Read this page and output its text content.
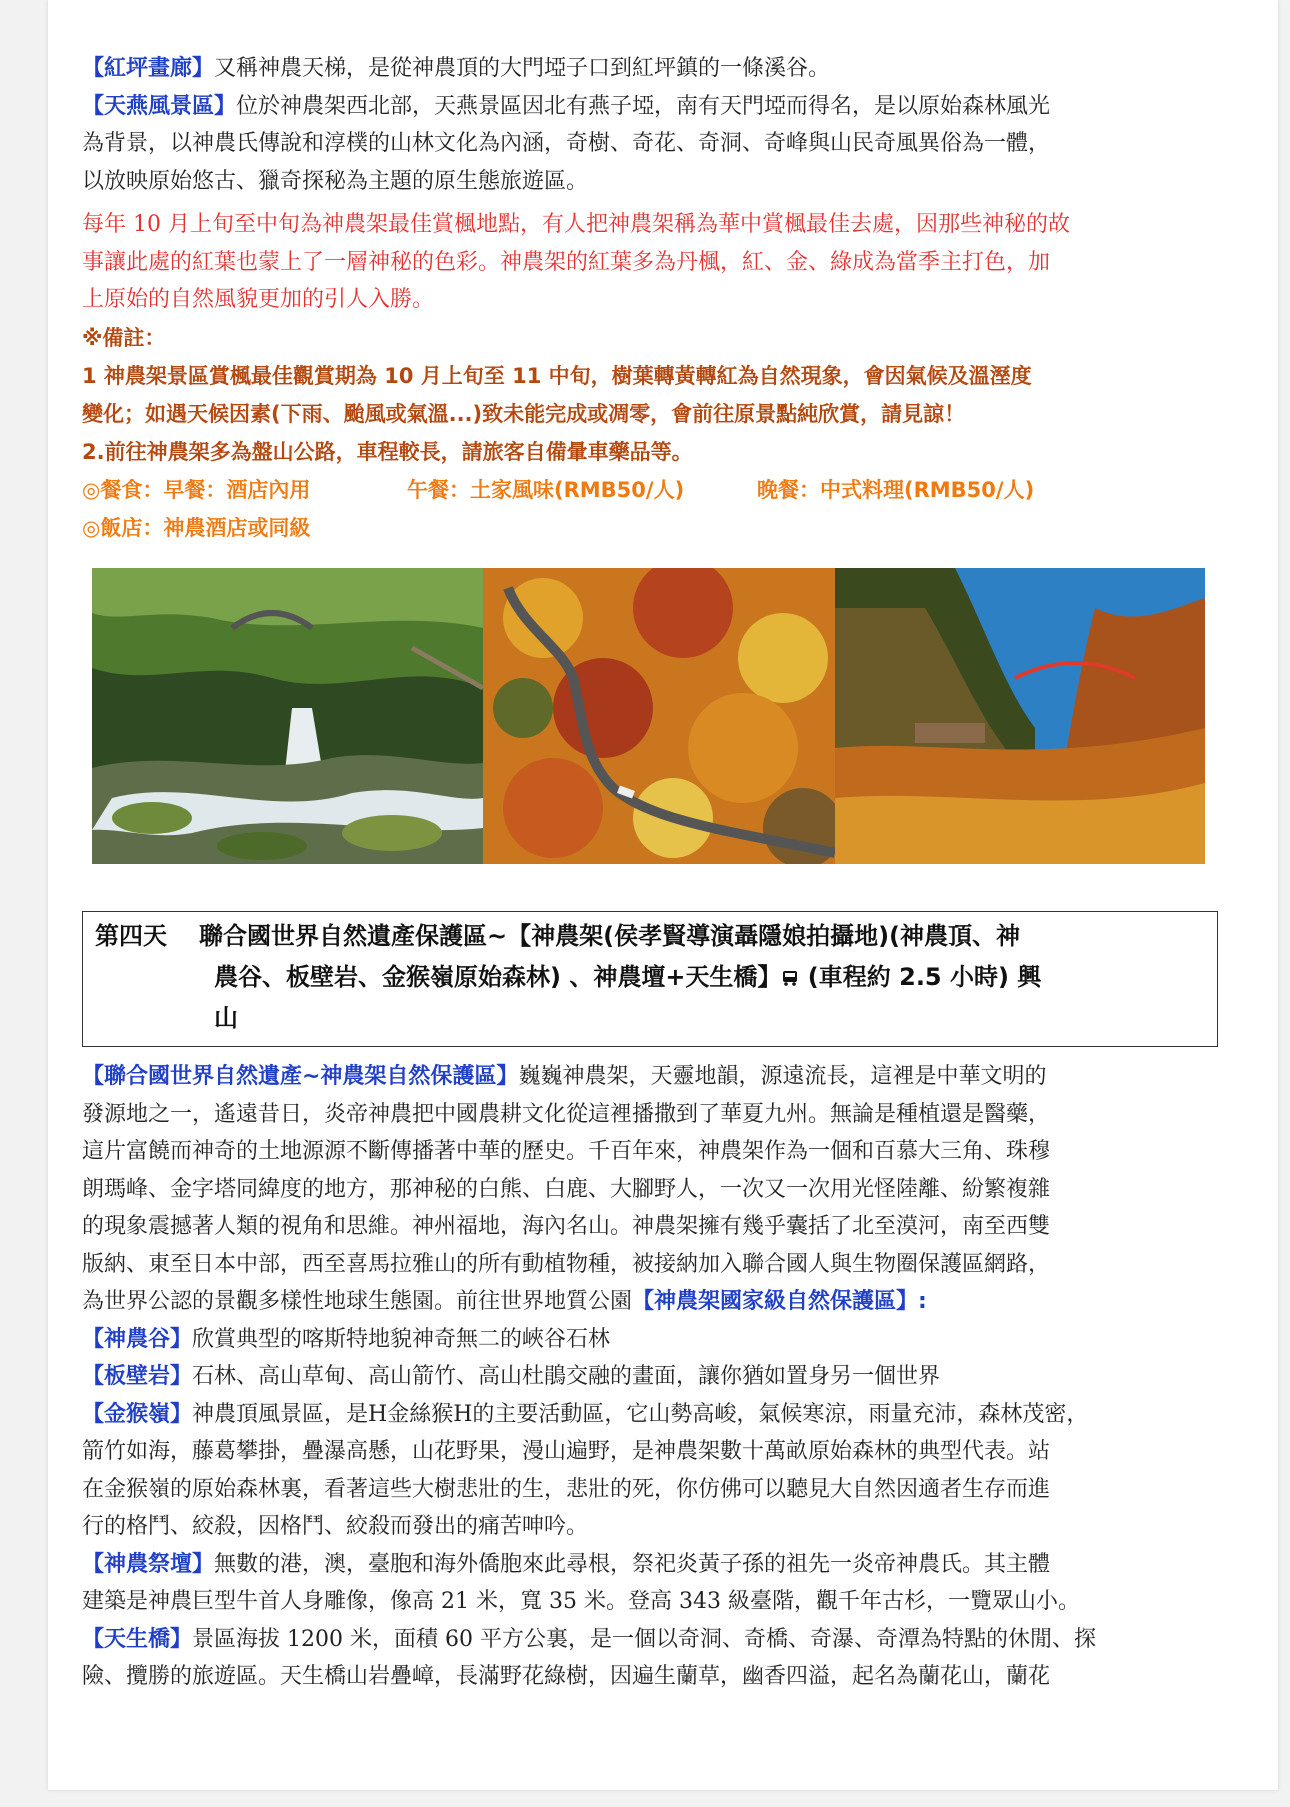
【紅坪畫廊】又稱神農天梯，是從神農頂的大門埡子口到紅坪鎮的一條溪谷。

【天燕風景區】位於神農架西北部，天燕景區因北有燕子埡，南有天門埡而得名，是以原始森林風光
為背景，以神農氏傳說和淳樸的山林文化為內涵，奇樹、奇花、奇洞、奇峰與山民奇風異俗為一體，
以放映原始悠古、獵奇探秘為主題的原生態旅遊區。

每年 10 月上旬至中旬為神農架最佳賞楓地點，有人把神農架稱為華中賞楓最佳去處，因那些神秘的故
事讓此處的紅葉也蒙上了一層神秘的色彩。神農架的紅葉多為丹楓，紅、金、綠成為當季主打色，加
上原始的自然風貌更加的引人入勝。

※備註：

1 神農架景區賞楓最佳觀賞期為 10 月上旬至 11 中旬，樹葉轉黃轉紅為自然現象，會因氣候及溫溼度

變化；如遇天候因素(下雨、颱風或氣溫...)致未能完成或凋零，會前往原景點純欣賞，請見諒！

2.前往神農架多為盤山公路，車程較長，請旅客自備暈車藥品等。

◎餐食：早餐：酒店內用	午餐：土家風味(RMB50/人)	晚餐：中式料理(RMB50/人)

◎飯店：神農酒店或同級

第四天 聯合國世界自然遺產保護區~【神農架(侯孝賢導演聶隱娘拍攝地)(神農頂、神
農谷、板壁岩、金猴嶺原始森林) 、神農壇+天生橋】 (車程約 2.5 小時) 興
山

【聯合國世界自然遺產~神農架自然保護區】巍巍神農架，天靈地韻，源遠流長，這裡是中華文明的
發源地之一，遙遠昔日，炎帝神農把中國農耕文化從這裡播撒到了華夏九州。無論是種植還是醫藥，
這片富饒而神奇的土地源源不斷傳播著中華的歷史。千百年來，神農架作為一個和百慕大三角、珠穆
朗瑪峰、金字塔同緯度的地方，那神秘的白熊、白鹿、大腳野人，一次又一次用光怪陸離、紛繁複雜
的現象震撼著人類的視角和思維。神州福地，海內名山。神農架擁有幾乎囊括了北至漠河，南至西雙
版納、東至日本中部，西至喜馬拉雅山的所有動植物種，被接納加入聯合國人與生物圈保護區網路，
為世界公認的景觀多樣性地球生態園。前往世界地質公園【神農架國家級自然保護區】:

【神農谷】欣賞典型的喀斯特地貌神奇無二的峽谷石林

【板壁岩】石林、高山草甸、高山箭竹、高山杜鵑交融的畫面，讓你猶如置身另一個世界

【金猴嶺】神農頂風景區，是H金絲猴H的主要活動區，它山勢高峻，氣候寒涼，雨量充沛，森林茂密，
箭竹如海，藤葛攀掛，疊瀑高懸，山花野果，漫山遍野，是神農架數十萬畝原始森林的典型代表。站
在金猴嶺的原始森林裏，看著這些大樹悲壯的生，悲壯的死，你仿佛可以聽見大自然因適者生存而進
行的格鬥、絞殺，因格鬥、絞殺而發出的痛苦呻吟。

【神農祭壇】無數的港，澳，臺胞和海外僑胞來此尋根，祭祀炎黃子孫的祖先一炎帝神農氏。其主體
建築是神農巨型牛首人身雕像，像高 21 米，寬 35 米。登高 343 級臺階，觀千年古杉，一覽眾山小。

【天生橋】景區海拔 1200 米，面積 60 平方公裏，是一個以奇洞、奇橋、奇瀑、奇潭為特點的休閒、探
險、攬勝的旅遊區。天生橋山岩疊嶂，長滿野花綠樹，因遍生蘭草，幽香四溢，起名為蘭花山，蘭花
